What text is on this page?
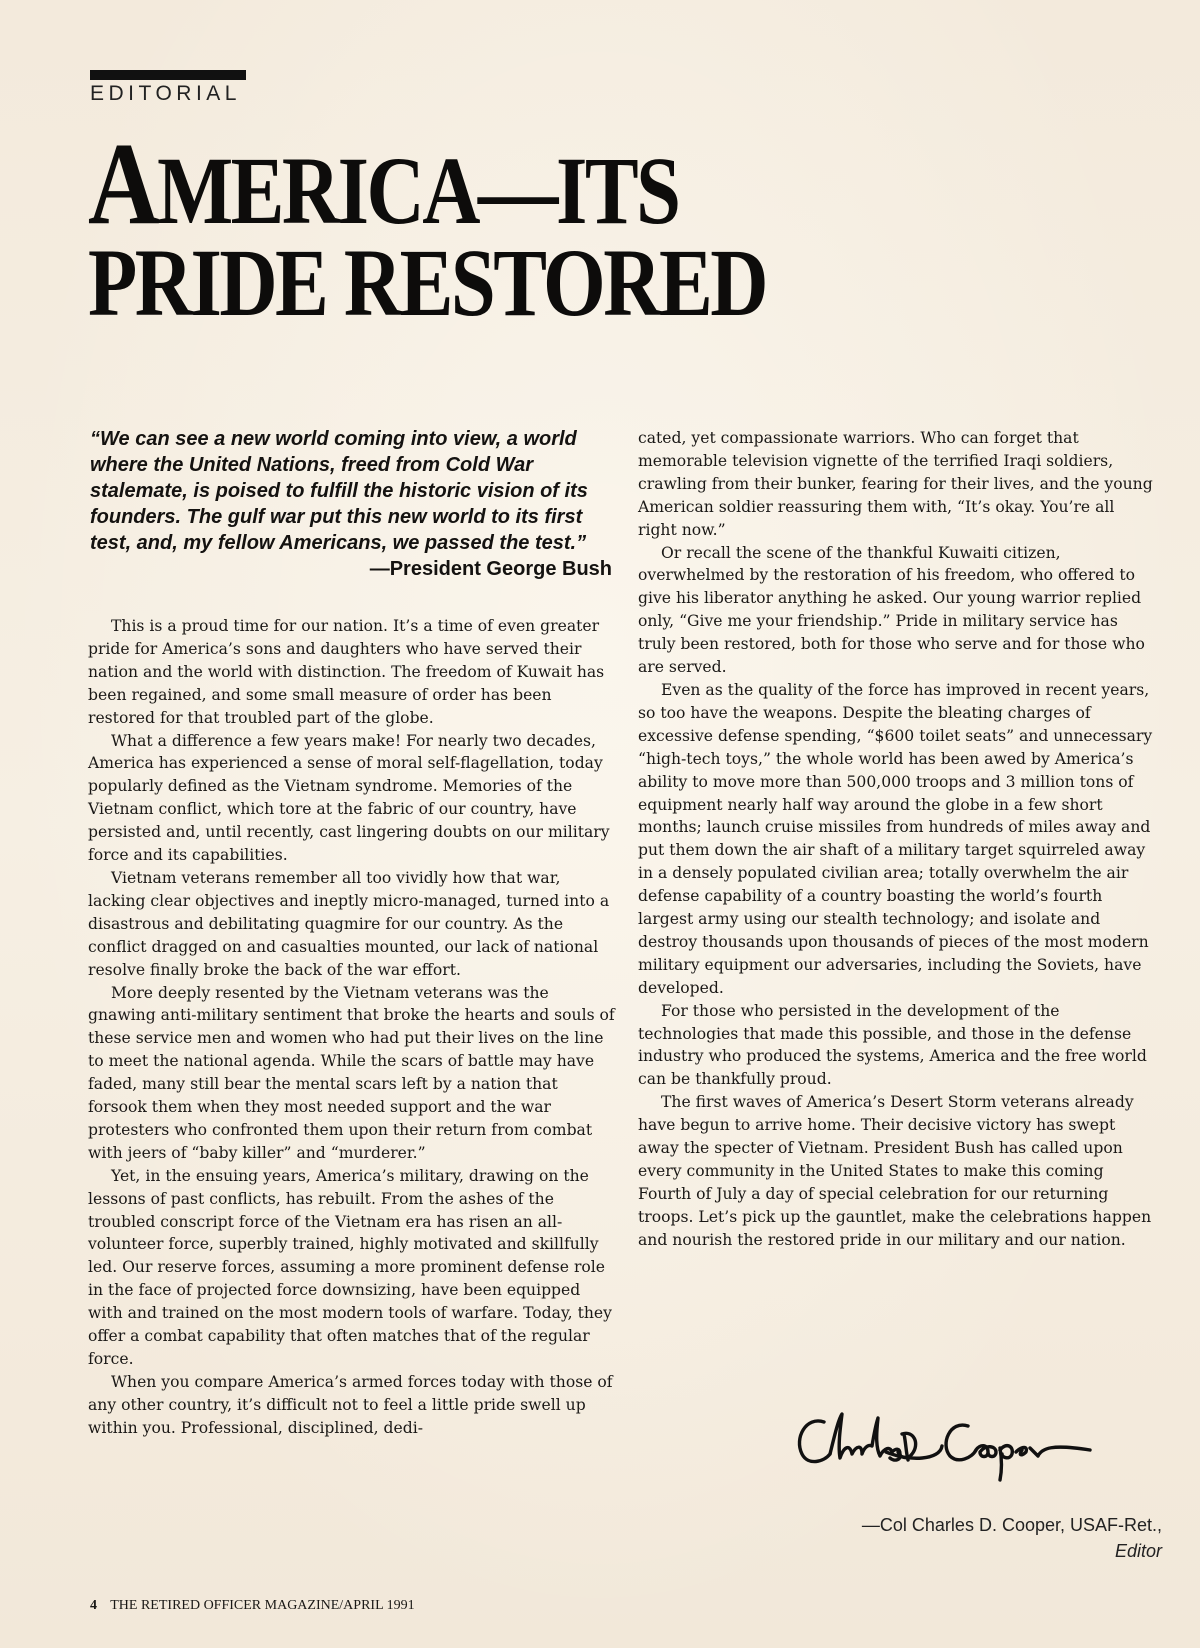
EDITORIAL
AMERICA—ITS
PRIDE RESTORED
“We can see a new world coming into view, a world where the United Nations, freed from Cold War stalemate, is poised to fulfill the historic vision of its founders. The gulf war put this new world to its first test, and, my fellow Americans, we passed the test.”
—President George Bush

This is a proud time for our nation. It’s a time of even greater pride for America’s sons and daughters who have served their nation and the world with distinction. The freedom of Kuwait has been regained, and some small measure of order has been restored for that troubled part of the globe.

What a difference a few years make! For nearly two decades, America has experienced a sense of moral self-flagellation, today popularly defined as the Vietnam syndrome. Memories of the Vietnam conflict, which tore at the fabric of our country, have persisted and, until recently, cast lingering doubts on our military force and its capabilities.

Vietnam veterans remember all too vividly how that war, lacking clear objectives and ineptly micro-managed, turned into a disastrous and debilitating quagmire for our country. As the conflict dragged on and casualties mounted, our lack of national resolve finally broke the back of the war effort.

More deeply resented by the Vietnam veterans was the gnawing anti-military sentiment that broke the hearts and souls of these service men and women who had put their lives on the line to meet the national agenda. While the scars of battle may have faded, many still bear the mental scars left by a nation that forsook them when they most needed support and the war protesters who confronted them upon their return from combat with jeers of “baby killer” and “murderer.”

Yet, in the ensuing years, America’s military, drawing on the lessons of past conflicts, has rebuilt. From the ashes of the troubled conscript force of the Vietnam era has risen an all-volunteer force, superbly trained, highly motivated and skillfully led. Our reserve forces, assuming a more prominent defense role in the face of projected force downsizing, have been equipped with and trained on the most modern tools of warfare. Today, they offer a combat capability that often matches that of the regular force.

When you compare America’s armed forces today with those of any other country, it’s difficult not to feel a little pride swell up within you. Professional, disciplined, dedi-

cated, yet compassionate warriors. Who can forget that memorable television vignette of the terrified Iraqi soldiers, crawling from their bunker, fearing for their lives, and the young American soldier reassuring them with, “It’s okay. You’re all right now.”

Or recall the scene of the thankful Kuwaiti citizen, overwhelmed by the restoration of his freedom, who offered to give his liberator anything he asked. Our young warrior replied only, “Give me your friendship.” Pride in military service has truly been restored, both for those who serve and for those who are served.

Even as the quality of the force has improved in recent years, so too have the weapons. Despite the bleating charges of excessive defense spending, “$600 toilet seats” and unnecessary “high-tech toys,” the whole world has been awed by America’s ability to move more than 500,000 troops and 3 million tons of equipment nearly half way around the globe in a few short months; launch cruise missiles from hundreds of miles away and put them down the air shaft of a military target squirreled away in a densely populated civilian area; totally overwhelm the air defense capability of a country boasting the world’s fourth largest army using our stealth technology; and isolate and destroy thousands upon thousands of pieces of the most modern military equipment our adversaries, including the Soviets, have developed.

For those who persisted in the development of the technologies that made this possible, and those in the defense industry who produced the systems, America and the free world can be thankfully proud.

The first waves of America’s Desert Storm veterans already have begun to arrive home. Their decisive victory has swept away the specter of Vietnam. President Bush has called upon every community in the United States to make this coming Fourth of July a day of special celebration for our returning troops. Let’s pick up the gauntlet, make the celebrations happen and nourish the restored pride in our military and our nation.

—Col Charles D. Cooper, USAF-Ret.,
Editor
4 THE RETIRED OFFICER MAGAZINE/APRIL 1991
